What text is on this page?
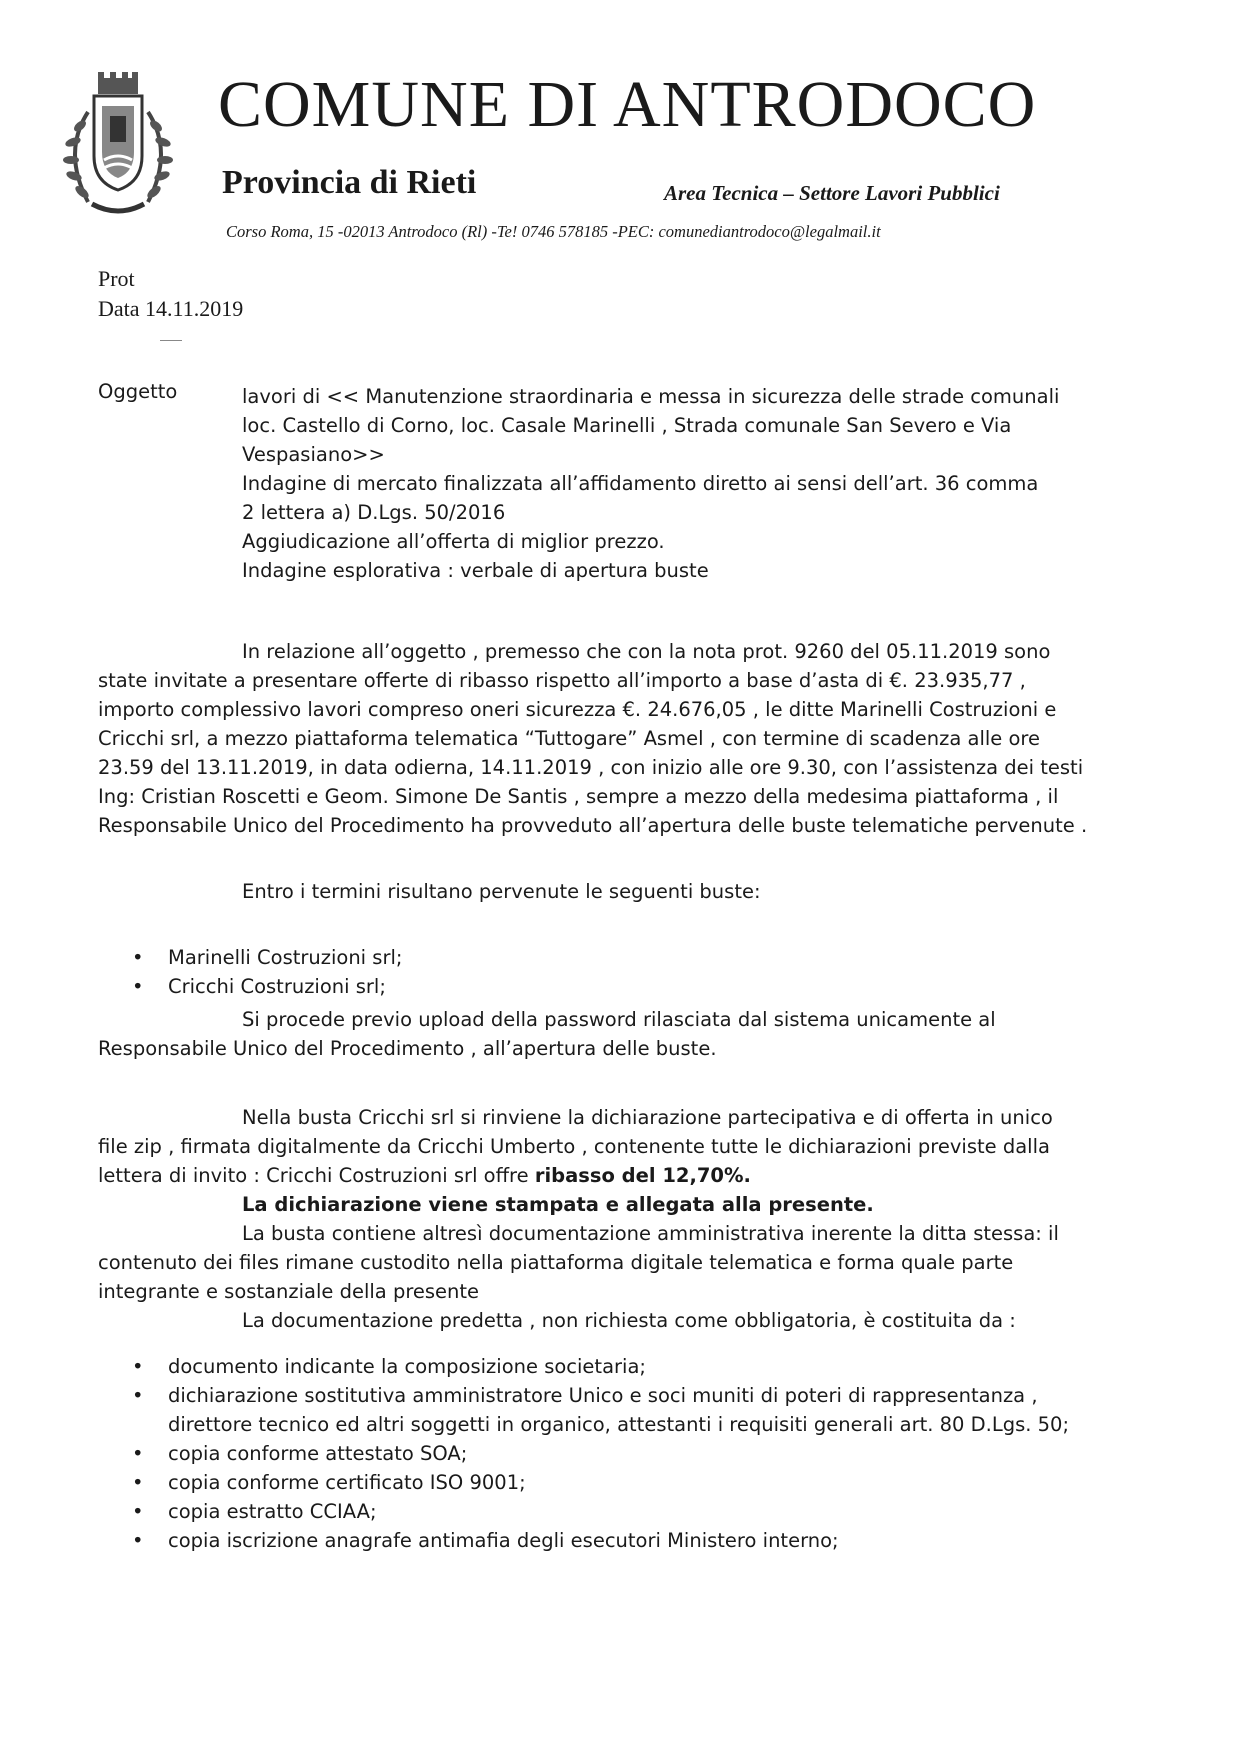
COMUNE DI ANTRODOCO
Provincia di Rieti	Area Tecnica – Settore Lavori Pubblici
Corso Roma, 15 -02013 Antrodoco (Rl) -Te! 0746 578185 -PEC: comunediantrodoco@legalmail.it
Prot
Data 14.11.2019
Oggetto	lavori di << Manutenzione straordinaria e messa in sicurezza delle strade comunali
loc. Castello di Corno, loc. Casale Marinelli , Strada comunale San Severo e Via
Vespasiano>>
Indagine di mercato finalizzata all’affidamento diretto ai sensi dell’art. 36 comma
2 lettera a) D.Lgs. 50/2016
Aggiudicazione all’offerta di miglior prezzo.
Indagine esplorativa : verbale di apertura buste
In relazione all’oggetto , premesso che con la nota prot. 9260 del 05.11.2019 sono
state invitate a presentare offerte di ribasso rispetto all’importo a base d’asta di €. 23.935,77 ,
importo complessivo lavori compreso oneri sicurezza €. 24.676,05 , le ditte Marinelli Costruzioni e
Cricchi srl, a mezzo piattaforma telematica “Tuttogare” Asmel , con termine di scadenza alle ore
23.59 del 13.11.2019, in data odierna, 14.11.2019 , con inizio alle ore 9.30, con l’assistenza dei testi
Ing: Cristian Roscetti e Geom. Simone De Santis , sempre a mezzo della medesima piattaforma , il
Responsabile Unico del Procedimento ha provveduto all’apertura delle buste telematiche pervenute .
Entro i termini risultano pervenute le seguenti buste:
• Marinelli Costruzioni srl;
• Cricchi Costruzioni srl;
Si procede previo upload della password rilasciata dal sistema unicamente al
Responsabile Unico del Procedimento , all’apertura delle buste.
Nella busta Cricchi srl si rinviene la dichiarazione partecipativa e di offerta in unico
file zip , firmata digitalmente da Cricchi Umberto , contenente tutte le dichiarazioni previste dalla
lettera di invito : Cricchi Costruzioni srl offre ribasso del 12,70%.
La dichiarazione viene stampata e allegata alla presente.
La busta contiene altresì documentazione amministrativa inerente la ditta stessa: il
contenuto dei files rimane custodito nella piattaforma digitale telematica e forma quale parte
integrante e sostanziale della presente
La documentazione predetta , non richiesta come obbligatoria, è costituita da :
• documento indicante la composizione societaria;
• dichiarazione sostitutiva amministratore Unico e soci muniti di poteri di rappresentanza ,
direttore tecnico ed altri soggetti in organico, attestanti i requisiti generali art. 80 D.Lgs. 50;
• copia conforme attestato SOA;
• copia conforme certificato ISO 9001;
• copia estratto CCIAA;
• copia iscrizione anagrafe antimafia degli esecutori Ministero interno;
